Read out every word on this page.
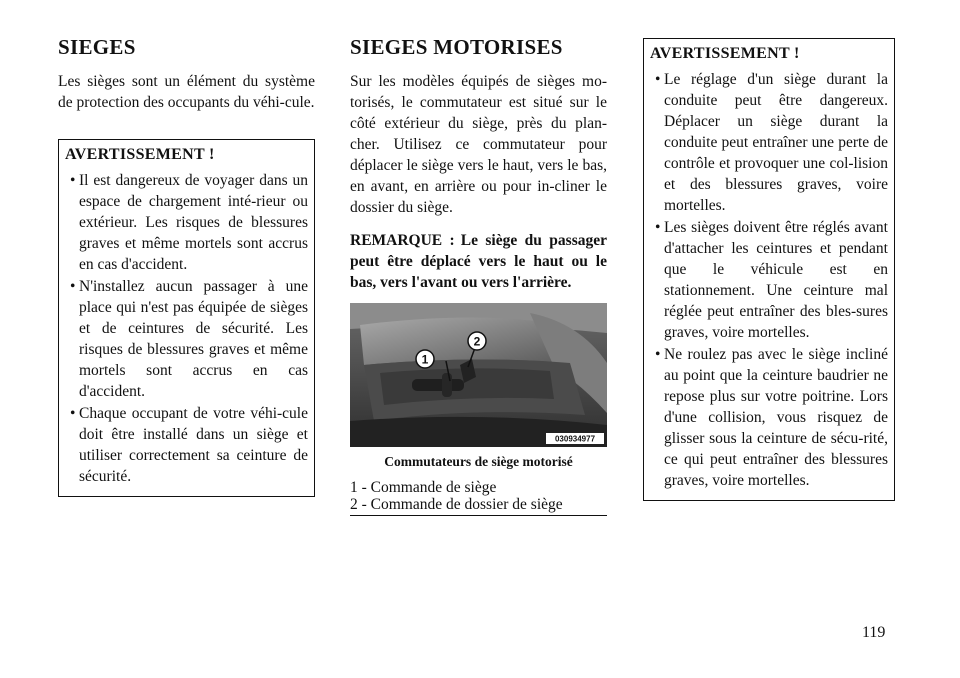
SIEGES

Les sièges sont un élément du système de protection des occupants du véhi-cule.

AVERTISSEMENT !
• Il est dangereux de voyager dans un espace de chargement inté-rieur ou extérieur. Les risques de blessures graves et même mortels sont accrus en cas d'accident.
• N'installez aucun passager à une place qui n'est pas équipée de sièges et de ceintures de sécurité. Les risques de blessures graves et même mortels sont accrus en cas d'accident.
• Chaque occupant de votre véhi-cule doit être installé dans un siège et utiliser correctement sa ceinture de sécurité.
SIEGES MOTORISES

Sur les modèles équipés de sièges mo-torisés, le commutateur est situé sur le côté extérieur du siège, près du plan-cher. Utilisez ce commutateur pour déplacer le siège vers le haut, vers le bas, en avant, en arrière ou pour in-cliner le dossier du siège.

REMARQUE : Le siège du passager peut être déplacé vers le haut ou le bas, vers l'avant ou vers l'arrière.

1
2
030934977
Commutateurs de siège motorisé
1 - Commande de siège
2 - Commande de dossier de siège
AVERTISSEMENT !
• Le réglage d'un siège durant la conduite peut être dangereux. Déplacer un siège durant la conduite peut entraîner une perte de contrôle et provoquer une col-lision et des blessures graves, voire mortelles.
• Les sièges doivent être réglés avant d'attacher les ceintures et pendant que le véhicule est en stationnement. Une ceinture mal réglée peut entraîner des bles-sures graves, voire mortelles.
• Ne roulez pas avec le siège incliné au point que la ceinture baudrier ne repose plus sur votre poitrine. Lors d'une collision, vous risquez de glisser sous la ceinture de sécu-rité, ce qui peut entraîner des blessures graves, voire mortelles.
119
